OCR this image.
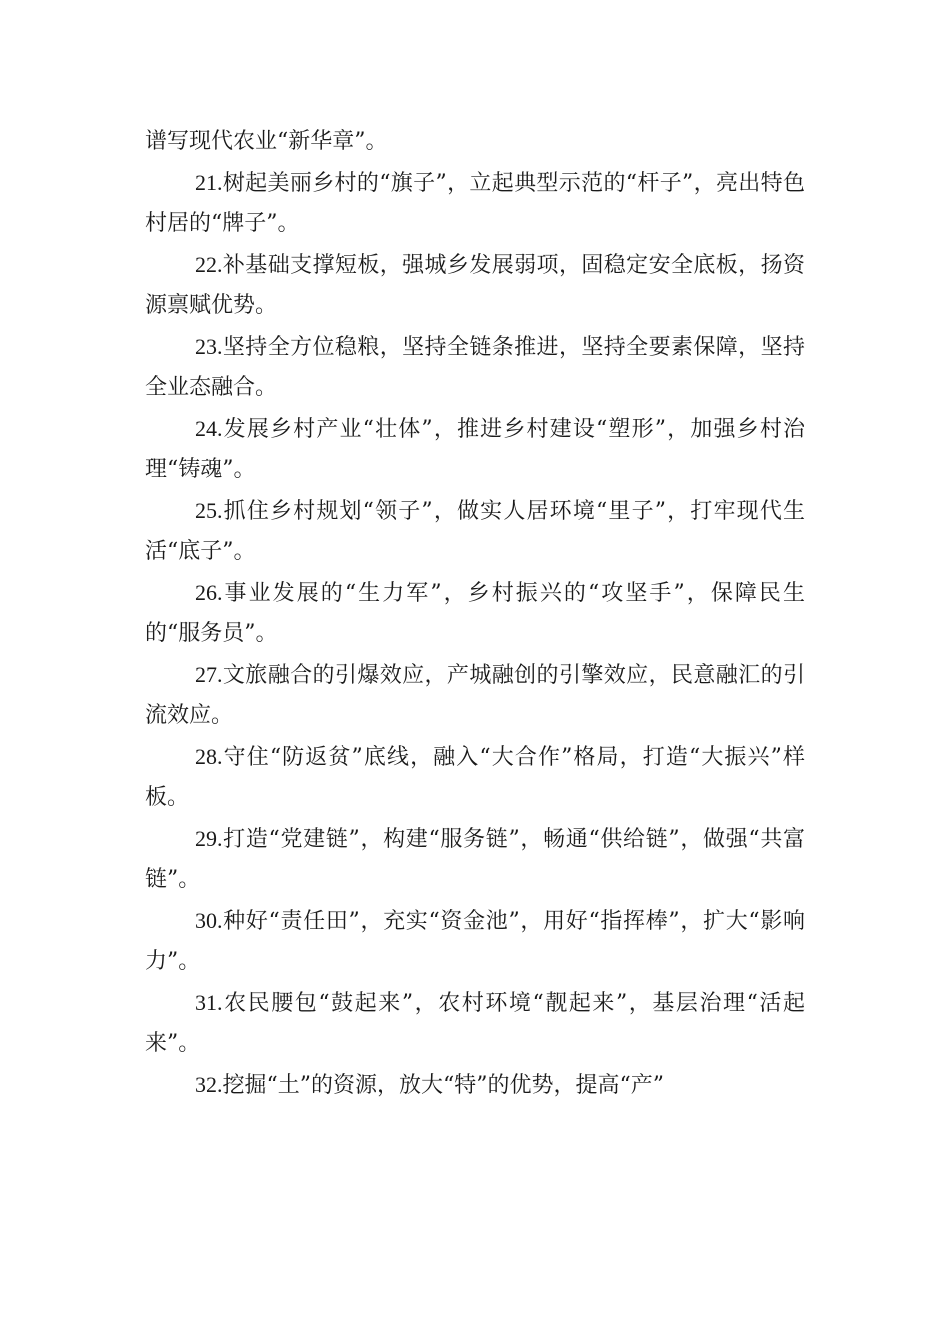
谱写现代农业“新华章”。

21.树起美丽乡村的“旗子”，立起典型示范的“杆子”，亮出特色村居的“牌子”。

22.补基础支撑短板，强城乡发展弱项，固稳定安全底板，扬资源禀赋优势。

23.坚持全方位稳粮，坚持全链条推进，坚持全要素保障，坚持全业态融合。

24.发展乡村产业“壮体”，推进乡村建设“塑形”，加强乡村治理“铸魂”。

25.抓住乡村规划“领子”，做实人居环境“里子”，打牢现代生活“底子”。

26.事业发展的“生力军”，乡村振兴的“攻坚手”，保障民生的“服务员”。

27.文旅融合的引爆效应，产城融创的引擎效应，民意融汇的引流效应。

28.守住“防返贫”底线，融入“大合作”格局，打造“大振兴”样板。

29.打造“党建链”，构建“服务链”，畅通“供给链”，做强“共富链”。

30.种好“责任田”，充实“资金池”，用好“指挥棒”，扩大“影响力”。

31.农民腰包“鼓起来”，农村环境“靓起来”，基层治理“活起来”。

32.挖掘“土”的资源，放大“特”的优势，提高“产”
